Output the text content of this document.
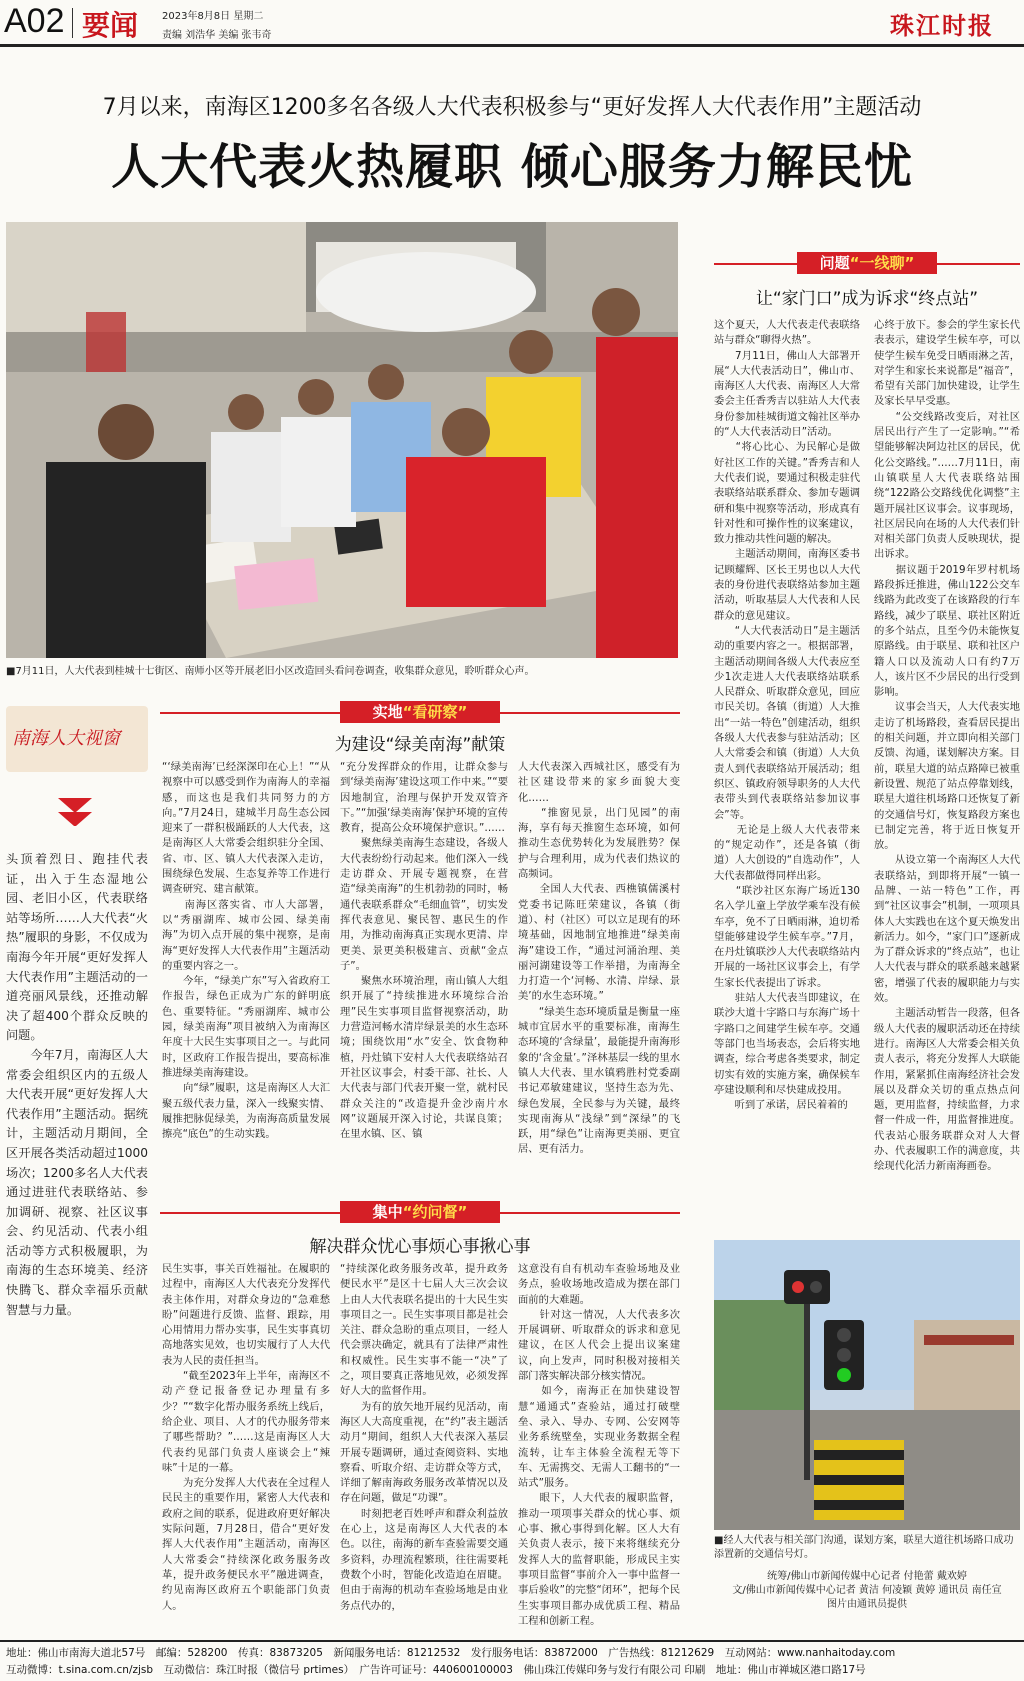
A02 要闻 2023年8月8日 星期二
责编 刘浩华 美编 张韦奇	珠江时报
7月以来，南海区1200多名各级人大代表积极参与“更好发挥人大代表作用”主题活动
人大代表火热履职 倾心服务力解民忧
■7月11日，人大代表到桂城十七街区、南师小区等开展老旧小区改造回头看问卷调查，收集群众意见，聆听群众心声。
南海人大视窗
头顶着烈日、跑挂代表证，出入于生态湿地公园、老旧小区，代表联络站等场所……人大代表“火热”履职的身影，不仅成为南海今年开展“更好发挥人大代表作用”主题活动的一道亮丽风景线，还推动解决了超400个群众反映的问题。
　　今年7月，南海区人大常委会组织区内的五级人大代表开展“更好发挥人大代表作用”主题活动。据统计，主题活动月期间，全区开展各类活动超过1000场次；1200多名人大代表通过进驻代表联络站、参加调研、视察、社区议事会、约见活动、代表小组活动等方式积极履职，为南海的生态环境美、经济快腾飞、群众幸福乐贡献智慧与力量。
实地“看研察”
为建设“绿美南海”献策
“‘绿美南海’已经深深印在心上！”“从视察中可以感受到作为南海人的幸福感，而这也是我们共同努力的方向。”7月24日，建城半月岛生态公园迎来了一群积极踊跃的人大代表，这是南海区人大常委会组织驻分全国、省、市、区、镇人大代表深入走访，围绕绿色发展、生态复养等工作进行调查研究、建言献策。
　　南海区落实省、市人大部署，以“秀丽湖库、城市公园、绿美南海”为切入点开展的集中视察，是南海“更好发挥人大代表作用”主题活动的重要内容之一。
　　今年，“绿美广东”写入省政府工作报告，绿色正成为广东的鲜明底色、重要特征。“秀丽湖库、城市公园，绿美南海”项目被纳入为南海区年度十大民生实事项目之一。与此同时，区政府工作报告提出，要高标准推进绿美南海建设。
　　向“绿”履职，这是南海区人大汇聚五级代表力量，深入一线聚实情、履推把脉促绿美，为南海高质量发展擦亮“底色”的生动实践。
“充分发挥群众的作用，让群众参与到‘绿美南海’建设这项工作中来。”“要因地制宜，治理与保护开发双管齐下。”“加强‘绿美南海’保护环境的宣传教育，提高公众环境保护意识。”……
　　聚焦绿美南海生态建设，各级人大代表纷纷行动起来。他们深入一线走访群众、开展专题视察，在营造“绿美南海”的生机勃勃的同时，畅通代表联系群众“毛细血管”，切实发挥代表意见、聚民智、惠民生的作用，为推动南海真正实现水更清、岸更美、景更美积极建言、贡献“金点子”。
　　聚焦水环境治理，南山镇人大组织开展了“持续推进水环境综合治理”民生实事项目监督视察活动，助力营造河畅水清岸绿景美的水生态环境；围绕饮用“水”安全、饮食物种植，丹灶镇下安村人大代表联络站召开社区议事会，村委干部、社长、人大代表与部门代表开聚一堂，就村民群众关注的“改造提升金沙南片水网”议题展开深入讨论，共谋良策；在里水镇、区、镇
人大代表深入西城社区，感受有为社区建设带来的家乡面貌大变化……
　　“推窗见景，出门见园”的南海，享有每天推窗生态环境，如何推动生态优势转化为发展胜势？保护与合理利用，成为代表们热议的高频词。
　　全国人大代表、西樵镇儒溪村党委书记陈旺荣建议，各镇（街道）、村（社区）可以立足现有的环境基础，因地制宜地推进“绿美南海”建设工作，“通过河涌治理、美丽河湖建设等工作举措，为南海全力打造一个‘河畅、水清、岸绿、景美’的水生态环境。”
　　“绿美生态环境质量是衡量一座城市宜居水平的重要标准，南海生态环境的‘含绿量’，最能提升南海形象的‘含金量’。”泽林基层一线的里水镇人大代表、里水镇鸦胜村党委副书记邓敏建建议，坚持生态为先、绿色发展，全民参与为关键，最终实现南海从“浅绿”到“深绿”的飞跃，用“绿色”让南海更美丽、更宜居、更有活力。
集中“约问督”
解决群众忧心事烦心事揪心事
民生实事，事关百姓福祉。在履职的过程中，南海区人大代表充分发挥代表主体作用，对群众身边的“急难愁盼”问题进行反馈、监督、跟踪，用心用情用力帮办实事，民生实事真切高地落实见效，也切实履行了人大代表为人民的责任担当。
　　“截至2023年上半年，南海区不动产登记报备登记办理量有多少？”“数字化帮办服务系统上线后，给企业、项目、人才的代办服务带来了哪些帮助？”……这是南海区人大代表约见部门负责人座谈会上“辣味”十足的一幕。
　　为充分发挥人大代表在全过程人民民主的重要作用，紧密人大代表和政府之间的联系，促进政府更好解决实际问题，7月28日，借合“更好发挥人大代表作用”主题活动，南海区人大常委会“持续深化政务服务改革，提升政务便民水平”融进调查，约见南海区政府五个职能部门负责人。
“持续深化政务服务改革，提升政务便民水平”是区十七届人大三次会议上由人大代表联名提出的十大民生实事项目之一。民生实事项目都是社会关注、群众急盼的重点项目，一经人代会票决确定，就具有了法律严肃性和权威性。民生实事不能一“决”了之，项目要真正落地见效，必须发挥好人大的监督作用。
　　为有的放矢地开展约见活动，南海区人大高度重视，在“约”表主题活动月“期间，组织人大代表深入基层开展专题调研，通过查阅资料、实地察看、听取介绍、走访群众等方式，详细了解南海政务服务改革情况以及存在问题，做足“功课”。
　　时刻把老百姓呼声和群众利益放在心上，这是南海区人大代表的本色。以往，南海的新车查验需要交通多资料，办理流程繁琐，往往需要耗费数个小时，智能化改造迫在眉睫。但由于南海的机动车查验场地是由业务点代办的，
这意没有自有机动车查验场地及业务点，验收场地改造成为摆在部门面前的大难题。
　　针对这一情况，人大代表多次开展调研、听取群众的诉求和意见建议，在区人代会上提出议案建议，向上发声，同时积极对接相关部门落实解决部分核实情况。
　　如今，南海正在加快建设智慧“通通式”查验站，通过打破壁垒、录入、导办、专网、公安网等业务系统壁垒，实现业务数据全程流转，让车主体验全流程无等下车、无需携交、无需人工翻书的“一站式”服务。
　　眼下，人大代表的履职监督，推动一项项事关群众的忧心事、烦心事、揪心事得到化解。区人大有关负责人表示，接下来将继续充分发挥人大的监督职能，形成民主实事项目监督“事前介入一事中监督一事后验收”的完整“闭环”，把每个民生实事项目都办成优质工程、精品工程和创新工程。
问题“一线聊”
让“家门口”成为诉求“终点站”
这个夏天，人大代表走代表联络站与群众“聊得火热”。
　　7月11日，佛山人大部署开展“人大代表活动日”，佛山市、南海区人大代表、南海区人大常委会主任香秀吉以驻站人大代表身份参加桂城街道文翰社区举办的“人大代表活动日”活动。
　　“将心比心、为民解心是做好社区工作的关键。”香秀吉和人大代表们说，要通过积极走驻代表联络站联系群众、参加专题调研和集中视察等活动，形成真有针对性和可操作性的议案建议，致力推动共性问题的解决。
　　主题活动期间，南海区委书记顾耀辉、区长王男也以人大代表的身份进代表联络站参加主题活动，听取基层人大代表和人民群众的意见建议。
　　“人大代表活动日”是主题活动的重要内容之一。根据部署，主题活动期间各级人大代表应至少1次走进人大代表联络站联系人民群众、听取群众意见，回应市民关切。各镇（街道）人大推出“一站一特色”创建活动，组织各级人大代表参与驻站活动；区人大常委会和镇（街道）人大负责人到代表联络站开展活动；组织区、镇政府领导职务的人大代表带头到代表联络站参加议事会”等。
　　无论是上级人大代表带来的“规定动作”，还是各镇（街道）人大创设的“自选动作”，人大代表都做得同样出彩。
　　“联沙社区东海广场近130名入学儿童上学放学乘车没有候车亭，免不了日晒雨淋，迫切希望能够建设学生候车亭。”7月，在丹灶镇联沙人大代表联络站内开展的一场社区议事会上，有学生家长代表提出了诉求。
　　驻站人大代表当即建议，在联沙大道十字路口与东海广场十字路口之间建学生候车亭。交通等部门也当场表态，会后将实地调查，综合考虑各类要求，制定切实有效的实施方案，确保候车亭建设顺利和尽快建成投用。
　　听到了承诺，居民着着的
心终于放下。参会的学生家长代表表示，建设学生候车亭，可以使学生候车免受日晒雨淋之苦，对学生和家长来说都是“福音”，希望有关部门加快建设，让学生及家长早早受惠。
　　“公交线路改变后，对社区居民出行产生了一定影响。”“希望能够解决阿边社区的居民，优化公交路线。”……7月11日，南山镇联星人大代表联络站围绕“122路公交路线优化调整”主题开展社区议事会。议事现场，社区居民向在场的人大代表们针对相关部门负责人反映现状，提出诉求。
　　据议题于2019年罗村机场路段拆迁推进，佛山122公交车线路为此改变了在该路段的行车路线，减少了联星、联社区附近的多个站点，且至今仍未能恢复原路线。由于联星、联和社区户籍人口以及流动人口有约7万人，该片区不少居民的出行受到影响。
　　议事会当天，人大代表实地走访了机场路段，查看居民提出的相关问题，并立即向相关部门反馈、沟通，谋划解决方案。目前，联星大道的站点路障已被重新设置、规范了站点停靠划线，联星大道往机场路口还恢复了新的交通信号灯，恢复路段方案也已制定完善，将于近日恢复开放。
　　从设立第一个南海区人大代表联络站，到即将开展“一镇一品牌、一站一特色”工作，再到“社区议事会”机制，一项项具体人大实践也在这个夏天焕发出新活力。如今，“家门口”逐新成为了群众诉求的“终点站”，也让人大代表与群众的联系越来越紧密，增强了代表的履职能力与实效。
　　主题活动暂告一段落，但各级人大代表的履职活动还在持续进行。南海区人大常委会相关负责人表示，将充分发挥人大联能作用，紧紧抓住南海经济社会发展以及群众关切的重点热点问题，更用监督，持续监督，力求督一件成一件，用监督推进度。代表站心服务联群众对人大督办、代表履职工作的满意度，共绘现代化活力新南海画卷。
■经人大代表与相关部门沟通，谋划方案，联星大道往机场路口成功添置新的交通信号灯。
统筹/佛山市新闻传媒中心记者 付艳蕾 戴欢婷
文/佛山市新闻传媒中心记者 黄洁 何凌颖 黄婷 通讯员 南任宣
图片由通讯员提供
地址：佛山市南海大道北57号　邮编：528200　传真：83873205　新闻服务电话：81212532　发行服务电话：83872000　广告热线：81212629　互动网站：www.nanhaitoday.com
互动微博：t.sina.com.cn/zjsb　互动微信：珠江时报（微信号 prtimes）　广告许可证号：440600100003　佛山珠江传媒印务与发行有限公司 印刷　地址：佛山市禅城区港口路17号
